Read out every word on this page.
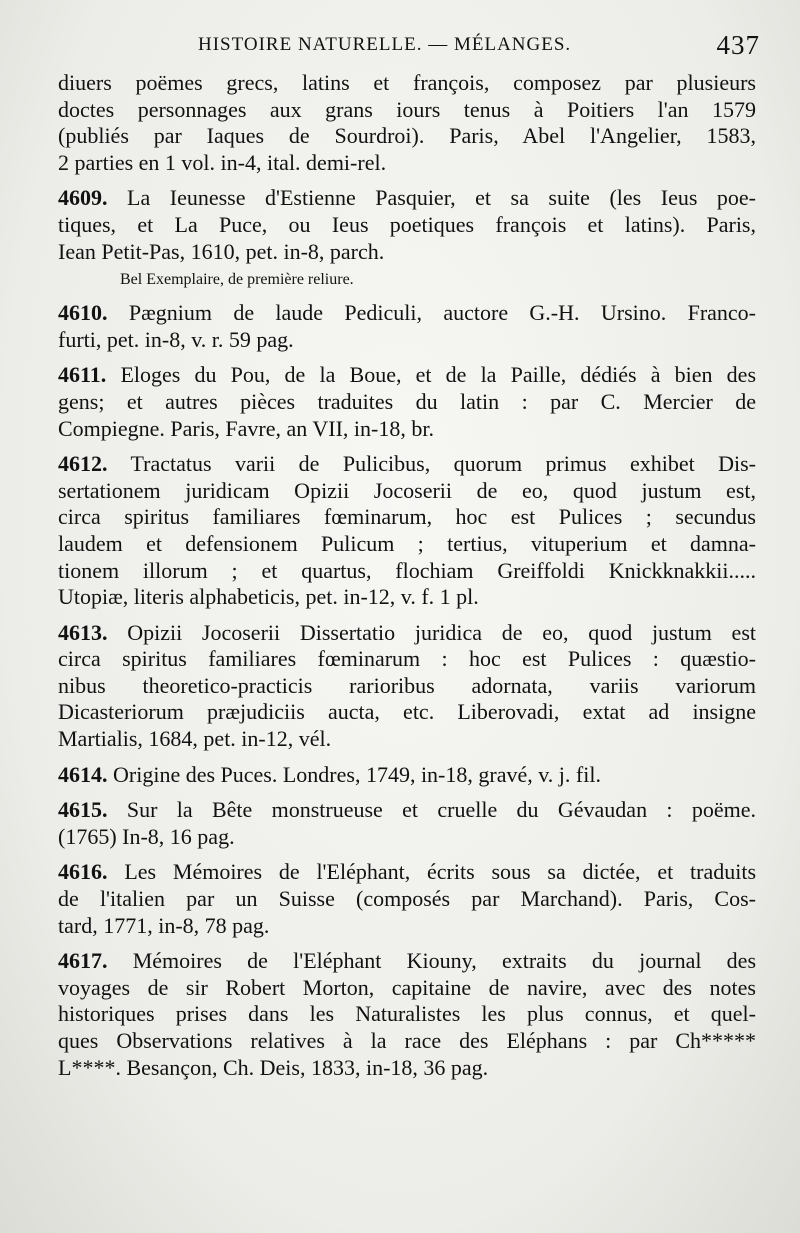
HISTOIRE NATURELLE. — MÉLANGES.	437
diuers poëmes grecs, latins et françois, composez par plusieurs
doctes personnages aux grans iours tenus à Poitiers l'an 1579
(publiés par Iaques de Sourdroi). Paris, Abel l'Angelier, 1583,
2 parties en 1 vol. in-4, ital. demi-rel.
4609. La Ieunesse d'Estienne Pasquier, et sa suite (les Ieus poe-
tiques, et La Puce, ou Ieus poetiques françois et latins). Paris,
Iean Petit-Pas, 1610, pet. in-8, parch.
Bel Exemplaire, de première reliure.
4610. Pægnium de laude Pediculi, auctore G.-H. Ursino. Franco-
furti, pet. in-8, v. r. 59 pag.
4611. Eloges du Pou, de la Boue, et de la Paille, dédiés à bien des
gens; et autres pièces traduites du latin : par C. Mercier de
Compiegne. Paris, Favre, an VII, in-18, br.
4612. Tractatus varii de Pulicibus, quorum primus exhibet Dis-
sertationem juridicam Opizii Jocoserii de eo, quod justum est,
circa spiritus familiares fœminarum, hoc est Pulices ; secundus
laudem et defensionem Pulicum ; tertius, vituperium et damna-
tionem illorum ; et quartus, flochiam Greiffoldi Knickknakkii.....
Utopiæ, literis alphabeticis, pet. in-12, v. f. 1 pl.
4613. Opizii Jocoserii Dissertatio juridica de eo, quod justum est
circa spiritus familiares fœminarum : hoc est Pulices : quæstio-
nibus theoretico-practicis rarioribus adornata, variis variorum
Dicasteriorum præjudiciis aucta, etc. Liberovadi, extat ad insigne
Martialis, 1684, pet. in-12, vél.
4614. Origine des Puces. Londres, 1749, in-18, gravé, v. j. fil.
4615. Sur la Bête monstrueuse et cruelle du Gévaudan : poëme.
(1765) In-8, 16 pag.
4616. Les Mémoires de l'Eléphant, écrits sous sa dictée, et traduits
de l'italien par un Suisse (composés par Marchand). Paris, Cos-
tard, 1771, in-8, 78 pag.
4617. Mémoires de l'Eléphant Kiouny, extraits du journal des
voyages de sir Robert Morton, capitaine de navire, avec des notes
historiques prises dans les Naturalistes les plus connus, et quel-
ques Observations relatives à la race des Eléphans : par Ch*****
L****. Besançon, Ch. Deis, 1833, in-18, 36 pag.
